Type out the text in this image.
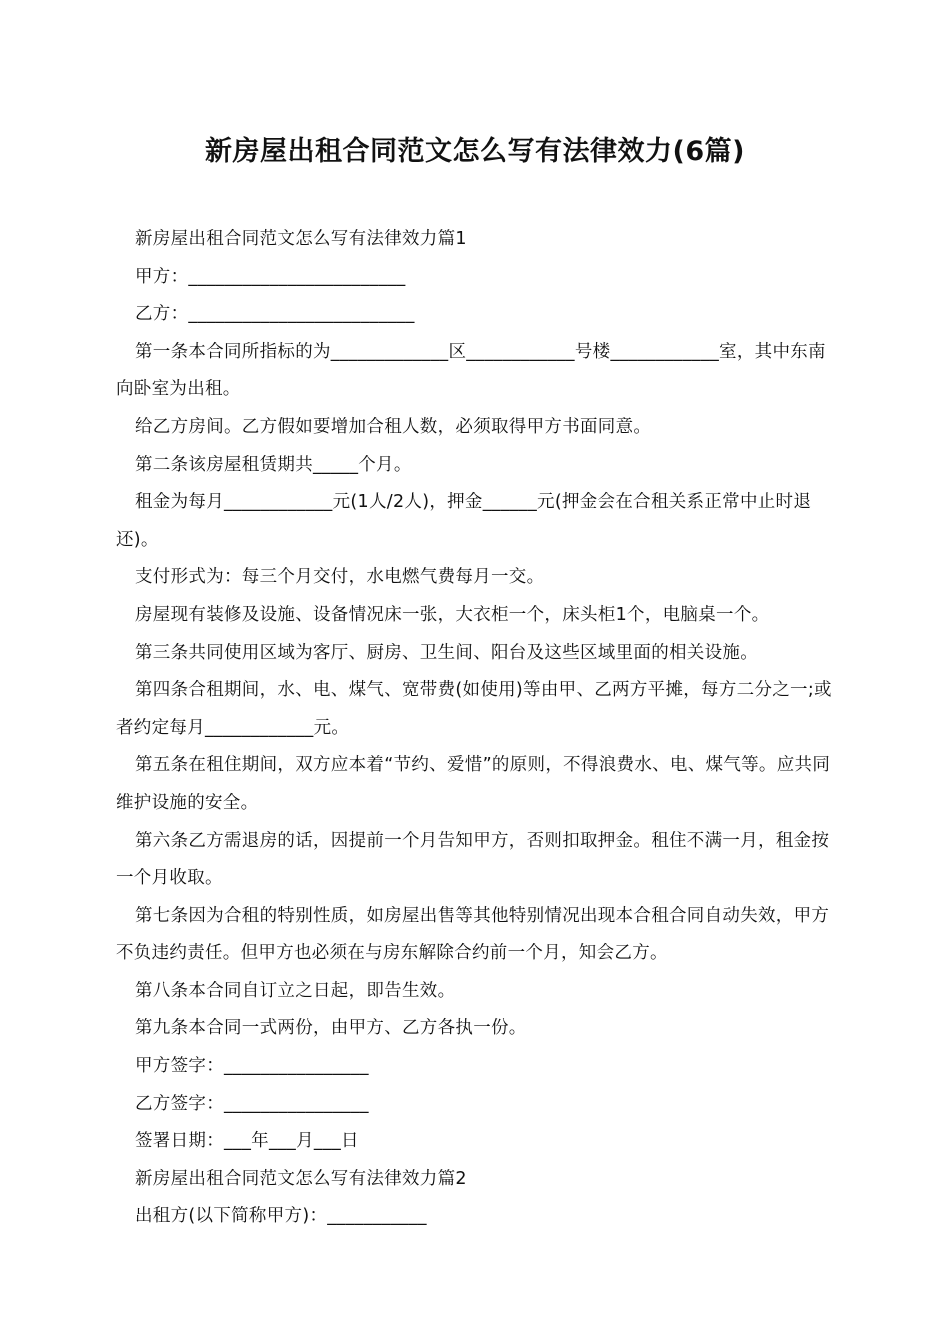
新房屋出租合同范文怎么写有法律效力(6篇)

新房屋出租合同范文怎么写有法律效力篇1

甲方：________________________

乙方：_________________________

第一条本合同所指标的为_____________区____________号楼____________室，其中东南向卧室为出租。

给乙方房间。乙方假如要增加合租人数，必须取得甲方书面同意。

第二条该房屋租赁期共_____个月。

租金为每月____________元(1人/2人)，押金______元(押金会在合租关系正常中止时退还)。

支付形式为：每三个月交付，水电燃气费每月一交。

房屋现有装修及设施、设备情况床一张，大衣柜一个，床头柜1个，电脑桌一个。

第三条共同使用区域为客厅、厨房、卫生间、阳台及这些区域里面的相关设施。

第四条合租期间，水、电、煤气、宽带费(如使用)等由甲、乙两方平摊，每方二分之一;或者约定每月____________元。

第五条在租住期间，双方应本着“节约、爱惜”的原则，不得浪费水、电、煤气等。应共同维护设施的安全。

第六条乙方需退房的话，因提前一个月告知甲方，否则扣取押金。租住不满一月，租金按一个月收取。

第七条因为合租的特别性质，如房屋出售等其他特别情况出现本合租合同自动失效，甲方不负违约责任。但甲方也必须在与房东解除合约前一个月，知会乙方。

第八条本合同自订立之日起，即告生效。

第九条本合同一式两份，由甲方、乙方各执一份。

甲方签字：________________

乙方签字：________________

签署日期：___年___月___日

新房屋出租合同范文怎么写有法律效力篇2

出租方(以下简称甲方)：___________
